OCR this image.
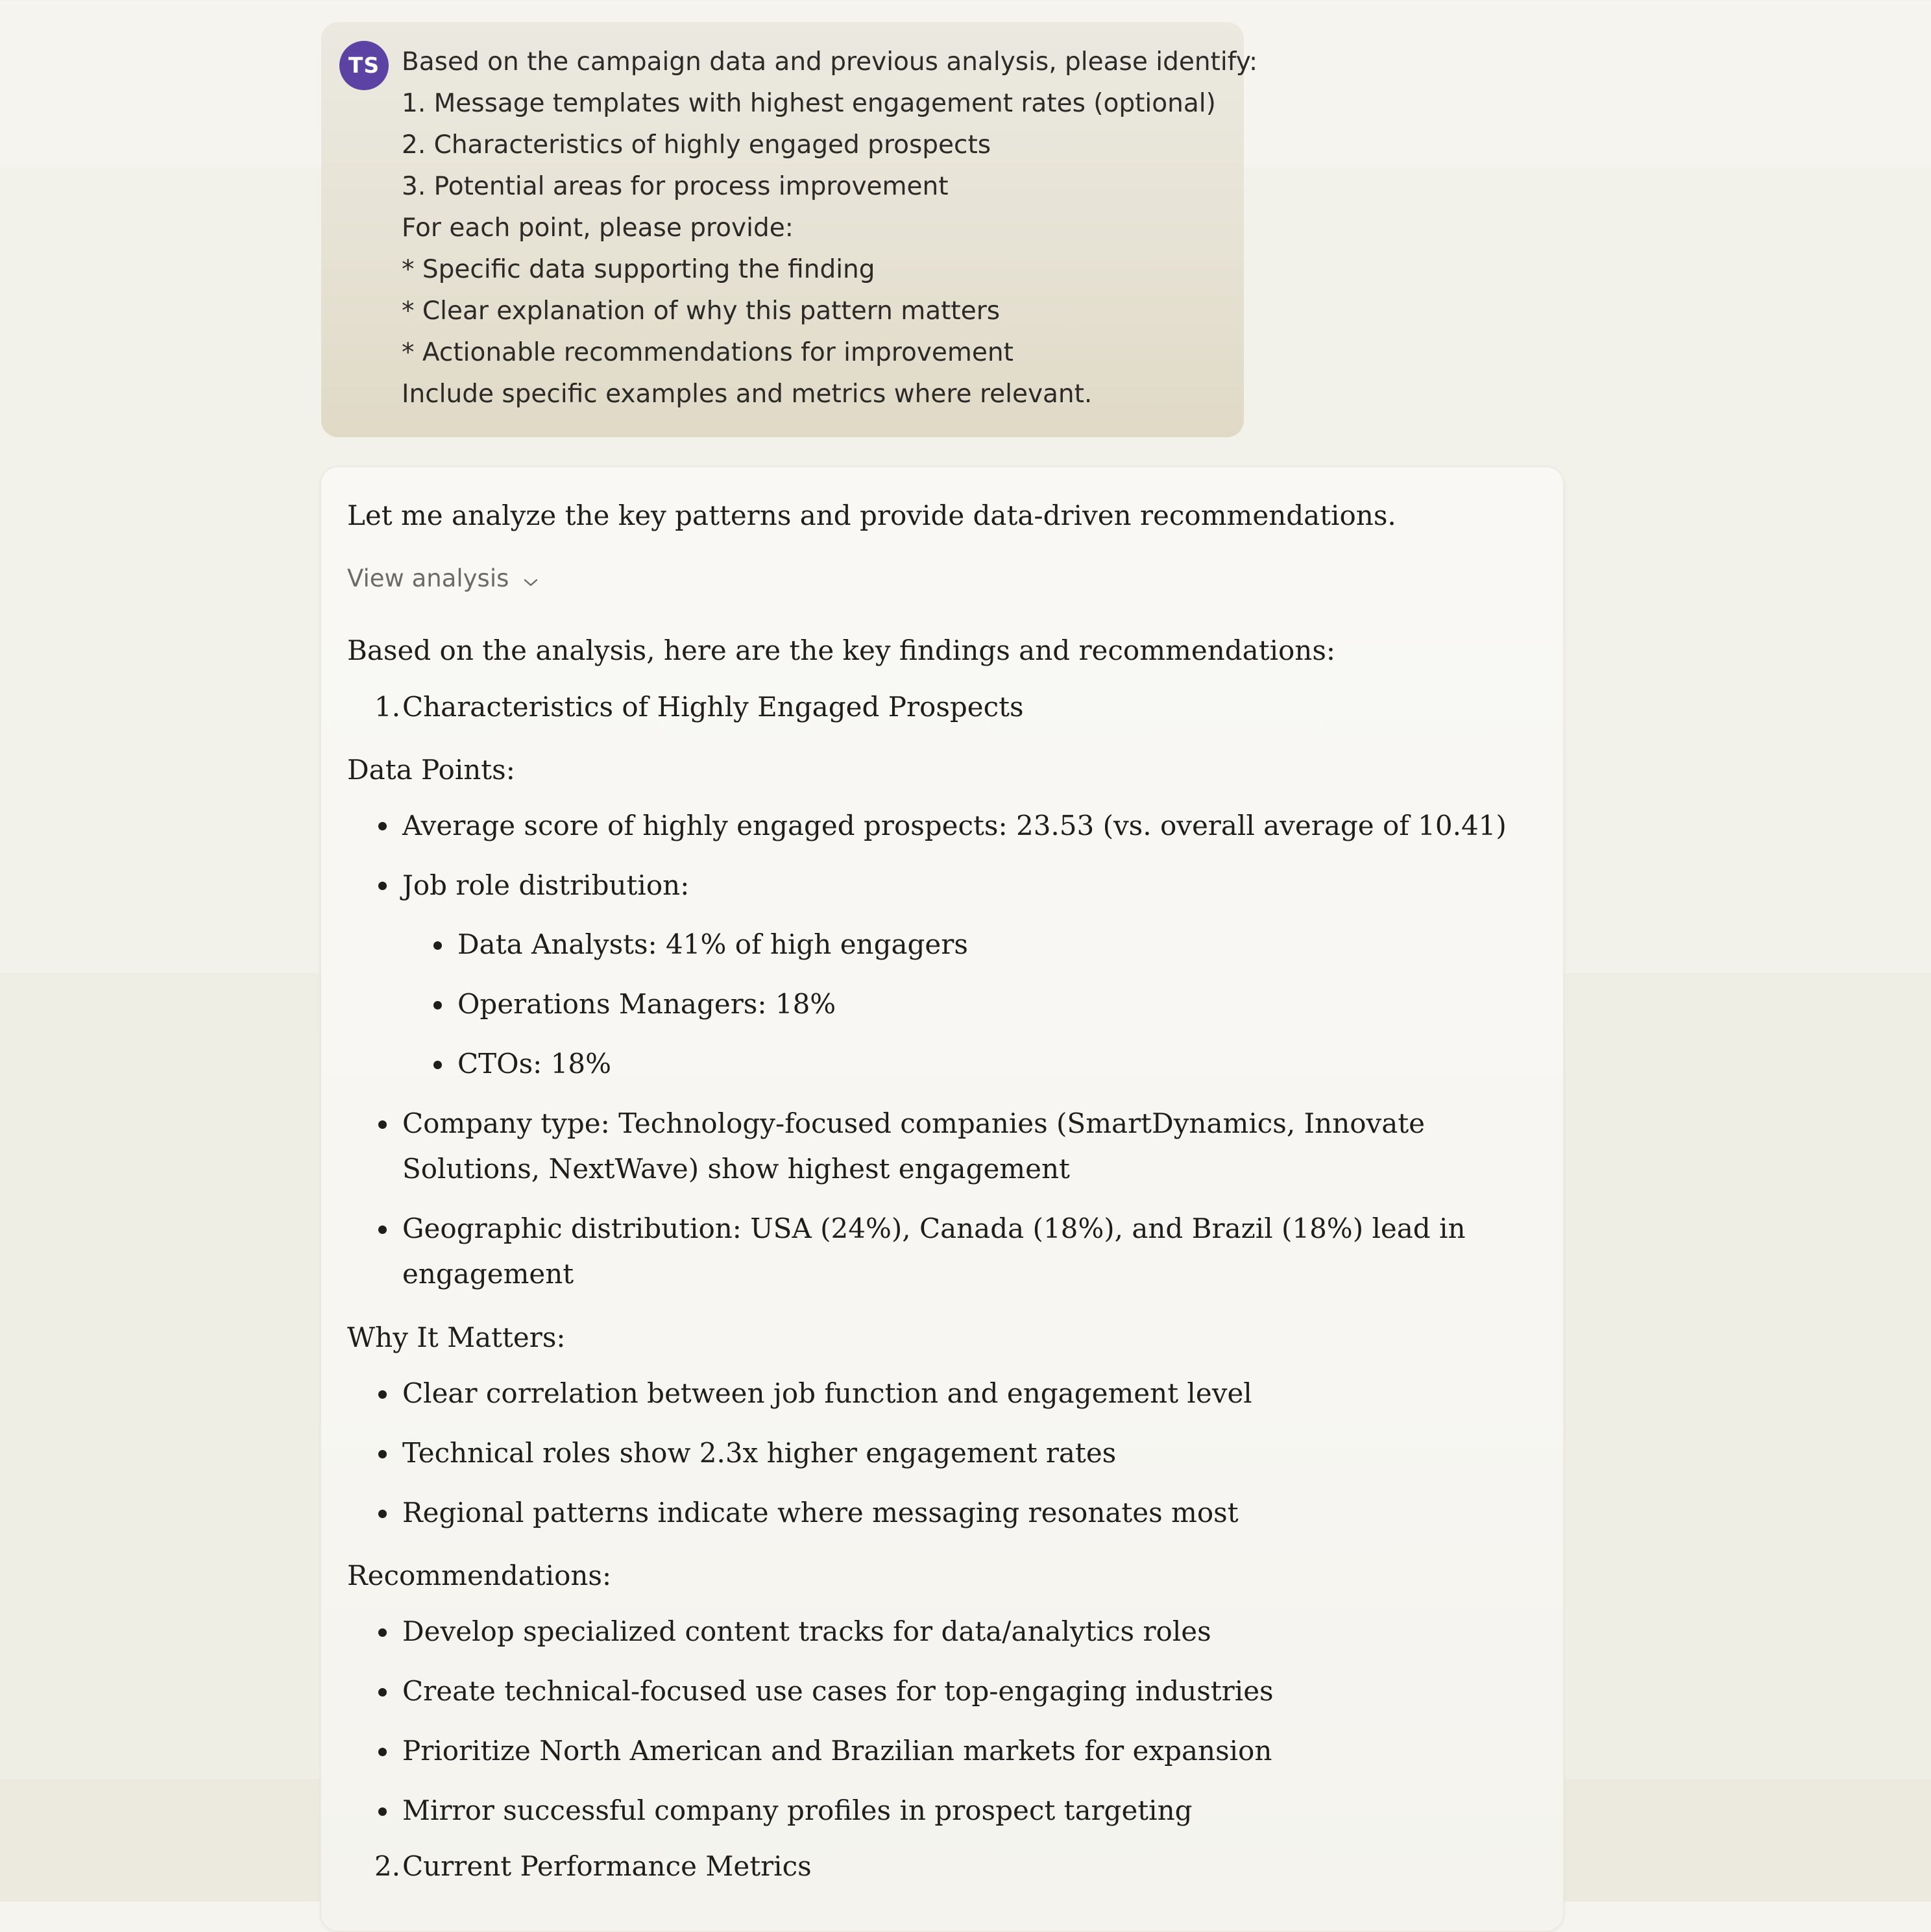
TS Based on the campaign data and previous analysis, please identify:
1. Message templates with highest engagement rates (optional)
2. Characteristics of highly engaged prospects
3. Potential areas for process improvement
For each point, please provide:
* Specific data supporting the finding
* Clear explanation of why this pattern matters
* Actionable recommendations for improvement
Include specific examples and metrics where relevant.
Let me analyze the key patterns and provide data-driven recommendations.
View analysis
Based on the analysis, here are the key findings and recommendations:
1. Characteristics of Highly Engaged Prospects
Data Points:
Average score of highly engaged prospects: 23.53 (vs. overall average of 10.41)
Job role distribution:
Data Analysts: 41% of high engagers
Operations Managers: 18%
CTOs: 18%
Company type: Technology-focused companies (SmartDynamics, Innovate
Solutions, NextWave) show highest engagement
Geographic distribution: USA (24%), Canada (18%), and Brazil (18%) lead in
engagement
Why It Matters:
Clear correlation between job function and engagement level
Technical roles show 2.3x higher engagement rates
Regional patterns indicate where messaging resonates most
Recommendations:
Develop specialized content tracks for data/analytics roles
Create technical-focused use cases for top-engaging industries
Prioritize North American and Brazilian markets for expansion
Mirror successful company profiles in prospect targeting
2. Current Performance Metrics
